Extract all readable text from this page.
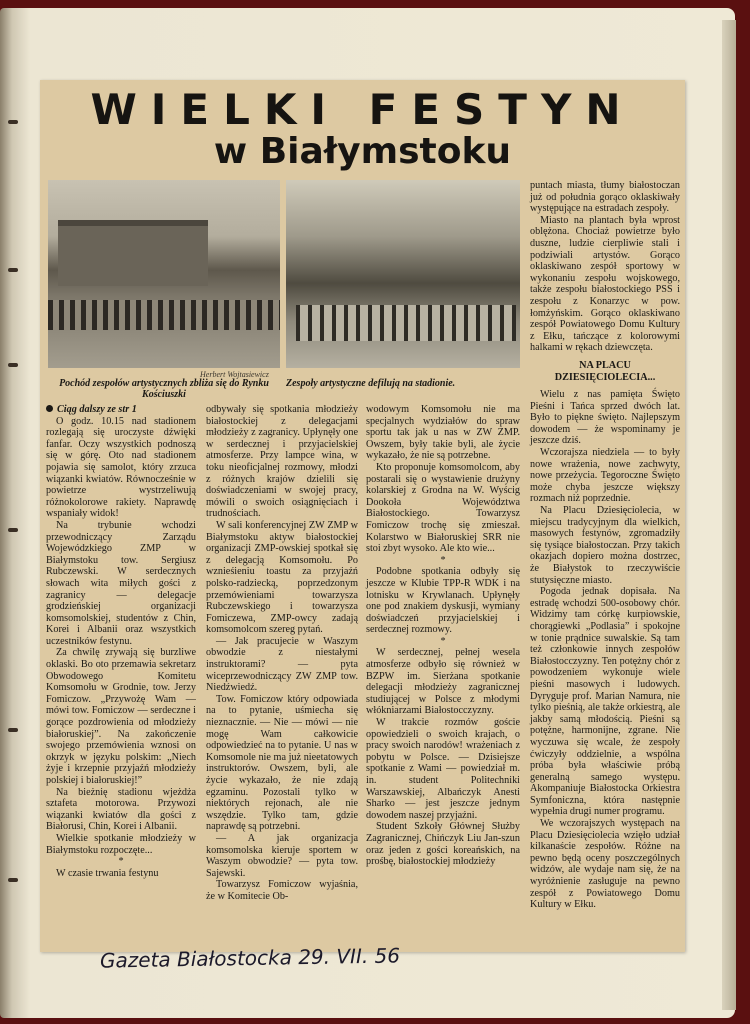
WIELKI FESTYN
w Białymstoku
Herbert Wojtasiewicz
Pochód zespołów artystycznych zbliża się do Rynku Kościuszki
Zespoły artystyczne defilują na stadionie.

Ciąg dalszy ze str 1

O godz. 10.15 nad stadionem rozlegają się uroczyste dźwięki fanfar. Oczy wszystkich podnoszą się w górę. Oto nad stadionem pojawia się samolot, który zrzuca wiązanki kwiatów. Równocześnie w powietrze wystrzeliwują różnokolorowe rakiety. Naprawdę wspaniały widok!

Na trybunie wchodzi przewodniczący Zarządu Wojewódzkiego ZMP w Białymstoku tow. Sergiusz Rubczewski. W serdecznych słowach wita miłych gości z zagranicy — delegacje grodzieńskiej organizacji komsomolskiej, studentów z Chin, Korei i Albanii oraz wszystkich uczestników festynu.

Za chwilę zrywają się burzliwe oklaski. Bo oto przemawia sekretarz Obwodowego Komitetu Komsomołu w Grodnie, tow. Jerzy Fomiczow. „Przywożę Wam — mówi tow. Fomiczow — serdeczne i gorące pozdrowienia od młodzieży białoruskiej”. Na zakończenie swojego przemówienia wznosi on okrzyk w języku polskim: „Niech żyje i krzepnie przyjaźń młodzieży polskiej i białoruskiej!”

Na bieżnię stadionu wjeżdża sztafeta motorowa. Przywozi wiązanki kwiatów dla gości z Białorusi, Chin, Korei i Albanii.

Wielkie spotkanie młodzieży w Białymstoku rozpoczęte...

*

W czasie trwania festynu

odbywały się spotkania młodzieży białostockiej z delegacjami młodzieży z zagranicy. Upłynęły one w serdecznej i przyjacielskiej atmosferze. Przy lampce wina, w toku nieoficjalnej rozmowy, młodzi z różnych krajów dzielili się doświadczeniami w swojej pracy, mówili o swoich osiągnięciach i trudnościach.

W sali konferencyjnej ZW ZMP w Białymstoku aktyw białostockiej organizacji ZMP-owskiej spotkał się z delegacją Komsomołu. Po wznieśieniu toastu za przyjaźń polsko-radziecką, poprzedzonym przemówieniami towarzysza Rubczewskiego i towarzysza Fomiczewa, ZMP-owcy zadają komsomolcom szereg pytań.

— Jak pracujecie w Waszym obwodzie z niestałymi instruktorami? — pyta wiceprzewodniczący ZW ZMP tow. Niedźwiedź.

Tow. Fomiczow który odpowiada na to pytanie, uśmiecha się nieznacznie. — Nie — mówi — nie mogę Wam całkowicie odpowiedzieć na to pytanie. U nas w Komsomole nie ma już nieetatowych instruktorów. Owszem, byli, ale życie wykazało, że nie zdają egzaminu. Pozostali tylko w niektórych rejonach, ale nie wszędzie. Tylko tam, gdzie naprawdę są potrzebni.

— A jak organizacja komsomolska kieruje sportem w Waszym obwodzie? — pyta tow. Sajewski.

Towarzysz Fomiczow wyjaśnia, że w Komitecie Ob-

wodowym Komsomołu nie ma specjalnych wydziałów do spraw sportu tak jak u nas w ZW ZMP. Owszem, były takie byli, ale życie wykazało, że nie są potrzebne.

Kto proponuje komsomolcom, aby postarali się o wystawienie drużyny kolarskiej z Grodna na W. Wyścig Dookoła Województwa Białostockiego. Towarzysz Fomiczow trochę się zmieszał. Kolarstwo w Białoruskiej SRR nie stoi zbyt wysoko. Ale kto wie...

*

Podobne spotkania odbyły się jeszcze w Klubie TPP-R WDK i na lotnisku w Krywlanach. Upłynęły one pod znakiem dyskusji, wymiany doświadczeń przyjacielskiej i serdecznej rozmowy.

*

W serdecznej, pełnej wesela atmosferze odbyło się również w BZPW im. Sierżana spotkanie delegacji młodzieży zagranicznej studiującej w Polsce z młodymi włókniarzami Białostocczyzny.

W trakcie rozmów goście opowiedzieli o swoich krajach, o pracy swoich narodów! wrażeniach z pobytu w Polsce. — Dzisiejsze spotkanie z Wami — powiedział m. in. student Politechniki Warszawskiej, Albańczyk Anesti Sharko — jest jeszcze jednym dowodem naszej przyjaźni.

Student Szkoły Głównej Służby Zagranicznej, Chińczyk Liu Jan-szun oraz jeden z gości koreańskich, na prośbę, białostockiej młodzieży

puntach miasta, tłumy białostoczan już od południa gorąco oklaskiwały występujące na estradach zespoły.

Miasto na plantach była wprost oblężona. Chociaż powietrze było duszne, ludzie cierpliwie stali i podziwiali artystów. Gorąco oklaskiwano zespół sportowy w wykonaniu zespołu wojskowego, także zespołu białostockiego PSS i zespołu z Konarzyc w pow. łomżyńskim. Gorąco oklaskiwano zespół Powiatowego Domu Kultury z Ełku, tańczące z kolorowymi halkami w rękach dziewczęta.

NA PLACU DZIESIĘCIOLECIA...

Wielu z nas pamięta Święto Pieśni i Tańca sprzed dwóch lat. Było to piękne święto. Najlepszym dowodem — że wspominamy je jeszcze dziś.

Wczorajsza niedziela — to były nowe wrażenia, nowe zachwyty, nowe przeżycia. Tegoroczne Święto może chyba jeszcze większy rozmach niż poprzednie.

Na Placu Dziesięciolecia, w miejscu tradycyjnym dla wielkich, masowych festynów, zgromadziły się tysiące białostoczan. Przy takich okazjach dopiero można dostrzec, że Białystok to rzeczywiście stutysięczne miasto.

Pogoda jednak dopisała. Na estradę wchodzi 500-osobowy chór. Widzimy tam córkę kurpiowskie, chorągiewki „Podlasia” i spokojne w tonie prądnice suwalskie. Są tam też członkowie innych zespołów Białostocczyzny. Ten potężny chór z powodzeniem wykonuje wiele pieśni masowych i ludowych. Dyryguje prof. Marian Namura, nie tylko pieśnią, ale także orkiestrą, ale jakby samą młodością. Pieśni są potężne, harmonijne, zgrane. Nie wyczuwa się wcale, że zespoły ćwiczyły oddzielnie, a wspólna próba była właściwie próbą generalną samego występu. Akompaniuje Białostocka Orkiestra Symfoniczna, która następnie wypełnia drugi numer programu.

We wczorajszych występach na Placu Dziesięciolecia wzięło udział kilkanaście zespołów. Różne na pewno będą oceny poszczególnych widzów, ale wydaje nam się, że na wyróżnienie zasługuje na pewno zespół z Powiatowego Domu Kultury w Ełku.

Gazeta Białostocka 29. VII. 56
